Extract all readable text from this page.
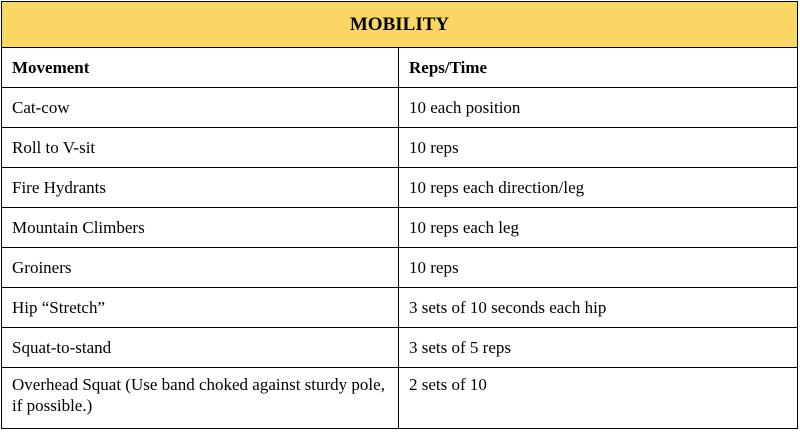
MOBILITY	
Movement	Reps/Time
Cat-cow	10 each position
Roll to V-sit	10 reps
Fire Hydrants	10 reps each direction/leg
Mountain Climbers	10 reps each leg
Groiners	10 reps
Hip “Stretch”	3 sets of 10 seconds each hip
Squat-to-stand	3 sets of 5 reps
Overhead Squat (Use band choked against sturdy pole, if possible.)	2 sets of 10
